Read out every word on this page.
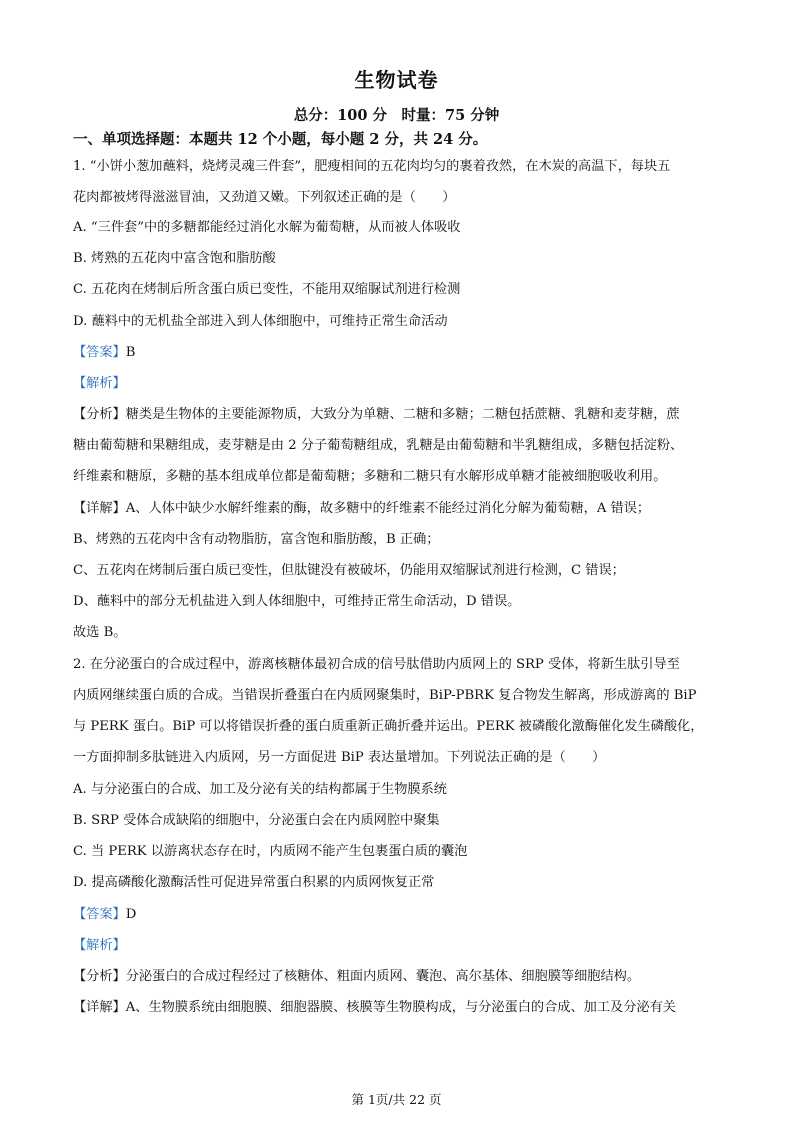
生物试卷
总分：100 分　时量：75 分钟
一、单项选择题：本题共 12 个小题，每小题 2 分，共 24 分。
1. “小饼小葱加蘸料，烧烤灵魂三件套”，肥瘦相间的五花肉均匀的裹着孜然，在木炭的高温下，每块五
花肉都被烤得滋滋冒油，又劲道又嫩。下列叙述正确的是（　　）
A. “三件套”中的多糖都能经过消化水解为葡萄糖，从而被人体吸收
B. 烤熟的五花肉中富含饱和脂肪酸
C. 五花肉在烤制后所含蛋白质已变性，不能用双缩脲试剂进行检测
D. 蘸料中的无机盐全部进入到人体细胞中，可维持正常生命活动
【答案】B
【解析】
【分析】糖类是生物体的主要能源物质，大致分为单糖、二糖和多糖；二糖包括蔗糖、乳糖和麦芽糖，蔗
糖由葡萄糖和果糖组成，麦芽糖是由 2 分子葡萄糖组成，乳糖是由葡萄糖和半乳糖组成，多糖包括淀粉、
纤维素和糖原，多糖的基本组成单位都是葡萄糖；多糖和二糖只有水解形成单糖才能被细胞吸收利用。
【详解】A、人体中缺少水解纤维素的酶，故多糖中的纤维素不能经过消化分解为葡萄糖，A 错误；
B、烤熟的五花肉中含有动物脂肪，富含饱和脂肪酸，B 正确；
C、五花肉在烤制后蛋白质已变性，但肽键没有被破坏，仍能用双缩脲试剂进行检测，C 错误；
D、蘸料中的部分无机盐进入到人体细胞中，可维持正常生命活动，D 错误。
故选 B。
2. 在分泌蛋白的合成过程中，游离核糖体最初合成的信号肽借助内质网上的 SRP 受体，将新生肽引导至
内质网继续蛋白质的合成。当错误折叠蛋白在内质网聚集时，BiP-PBRK 复合物发生解离，形成游离的 BiP
与 PERK 蛋白。BiP 可以将错误折叠的蛋白质重新正确折叠并运出。PERK 被磷酸化激酶催化发生磷酸化，
一方面抑制多肽链进入内质网，另一方面促进 BiP 表达量增加。下列说法正确的是（　　）
A. 与分泌蛋白的合成、加工及分泌有关的结构都属于生物膜系统
B. SRP 受体合成缺陷的细胞中，分泌蛋白会在内质网腔中聚集
C. 当 PERK 以游离状态存在时，内质网不能产生包裹蛋白质的囊泡
D. 提高磷酸化激酶活性可促进异常蛋白积累的内质网恢复正常
【答案】D
【解析】
【分析】分泌蛋白的合成过程经过了核糖体、粗面内质网、囊泡、高尔基体、细胞膜等细胞结构。
【详解】A、生物膜系统由细胞膜、细胞器膜、核膜等生物膜构成，与分泌蛋白的合成、加工及分泌有关
第 1页/共 22 页
